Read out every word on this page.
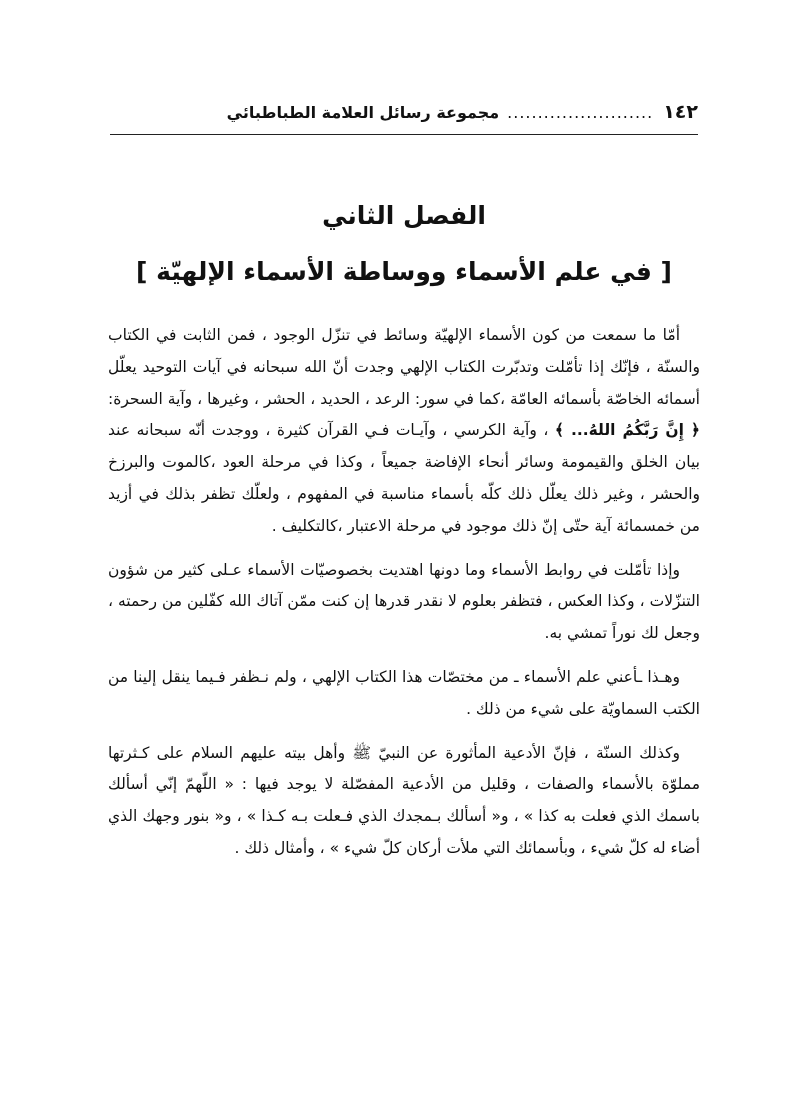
١٤٢
........................
مجموعة رسائل العلامة الطباطبائي
الفصل الثاني
[ في علم الأسماء ووساطة الأسماء الإلهيّة ]

أمّا ما سمعت من كون الأسماء الإلهيّة وسائط في تنزّل الوجود ، فمن الثابت في الكتاب والسنّة ، فإنّك إذا تأمّلت وتدبّرت الكتاب الإلهي وجدت أنّ الله سبحانه في آيات التوحيد يعلّل أسمائه الخاصّة بأسمائه العامّة ،كما في سور: الرعد ، الحديد ، الحشر ، وغيرها ، وآية السحرة: ﴿ إِنَّ رَبَّكُمُ اللهُ... ﴾ ، وآية الكرسي ، وآيـات فـي القرآن كثيرة ، ووجدت أنّه سبحانه عند بيان الخلق والقيمومة وسائر أنحاء الإفاضة جميعاً ، وكذا في مرحلة العود ،كالموت والبرزخ والحشر ، وغير ذلك يعلّل ذلك كلّه بأسماء مناسبة في المفهوم ، ولعلّك تظفر بذلك في أزيد من خمسمائة آية حتّى إنّ ذلك موجود في مرحلة الاعتبار ،كالتكليف .

وإذا تأمّلت في روابط الأسماء وما دونها اهتديت بخصوصيّات الأسماء عـلى كثير من شؤون التنزّلات ، وكذا العكس ، فتظفر بعلوم لا نقدر قدرها إن كنت ممّن آتاك الله كفّلين من رحمته ، وجعل لك نوراً تمشي به.

وهـذا ـأعني علم الأسماء ـ من مختصّات هذا الكتاب الإلهي ، ولم نـظفر فـيما ينقل إلينا من الكتب السماويّة على شيء من ذلك .

وكذلك السنّة ، فإنّ الأدعية المأثورة عن النبيّ ﷺ وأهل بيته عليهم السلام على كـثرتها مملوّة بالأسماء والصفات ، وقليل من الأدعية المفصّلة لا يوجد فيها : « اللّهمّ إنّي أسألك باسمك الذي فعلت به كذا » ، و« أسألك بـمجدك الذي فـعلت بـه كـذا » ، و« بنور وجهك الذي أضاء له كلّ شيء ، وبأسمائك التي ملأت أركان كلّ شيء » ، وأمثال ذلك .
